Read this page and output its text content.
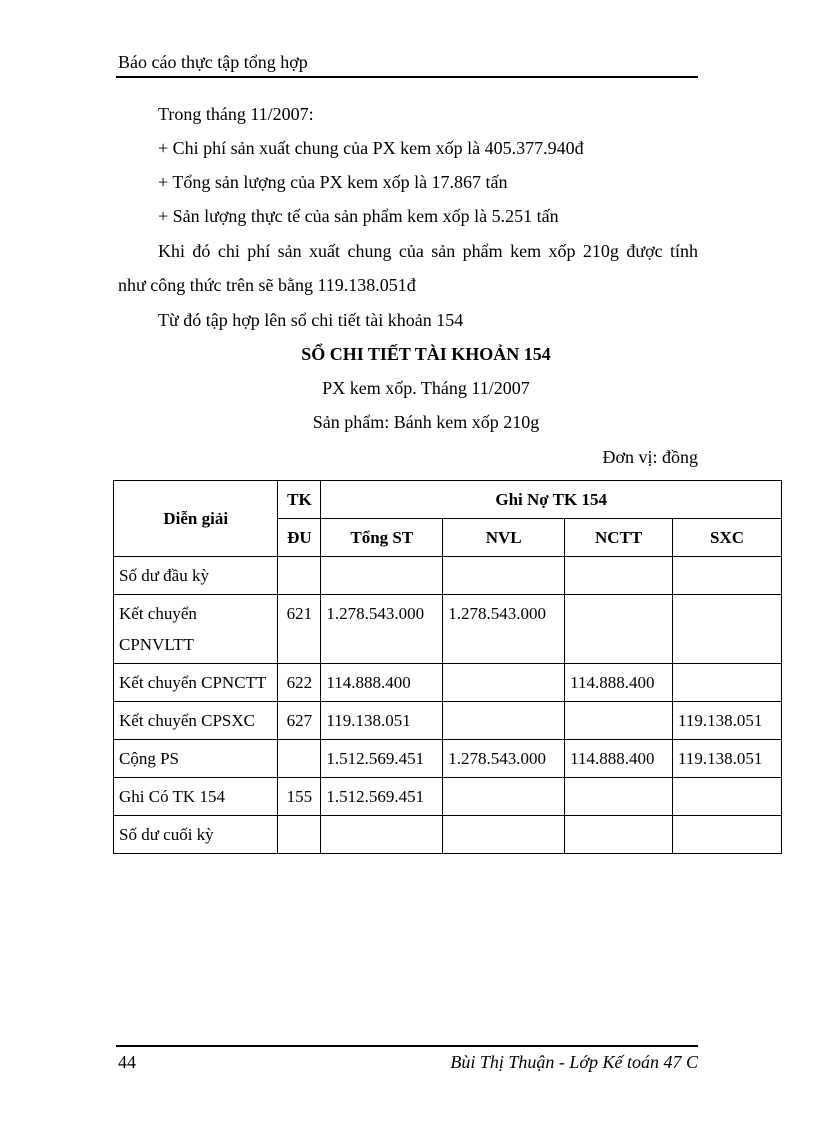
Báo cáo thực tập tổng hợp
Trong tháng 11/2007:
+ Chi phí sản xuất chung của PX kem xốp là 405.377.940đ
+ Tổng sản lượng của PX kem xốp là 17.867 tấn
+ Sản lượng thực tế của sản phẩm kem xốp là 5.251 tấn
Khi đó chi phí sản xuất chung của sản phẩm kem xốp 210g được tính
như công thức trên sẽ bằng 119.138.051đ
Từ đó tập hợp lên sổ chi tiết tài khoản 154
SỔ CHI TIẾT TÀI KHOẢN 154
PX kem xốp. Tháng 11/2007
Sản phẩm: Bánh kem xốp 210g
Đơn vị: đồng
Diễn giải	TK	Ghi Nợ TK 154			
	ĐU	Tổng ST	NVL	NCTT	SXC
Số dư đầu kỳ					
Kết chuyển CPNVLTT	621	1.278.543.000	1.278.543.000		
Kết chuyển CPNCTT	622	114.888.400		114.888.400	
Kết chuyển CPSXC	627	119.138.051			119.138.051
Cộng PS		1.512.569.451	1.278.543.000	114.888.400	119.138.051
Ghi Có TK 154	155	1.512.569.451			
Số dư cuối kỳ					
44	Bùi Thị Thuận - Lớp Kế toán 47 C
